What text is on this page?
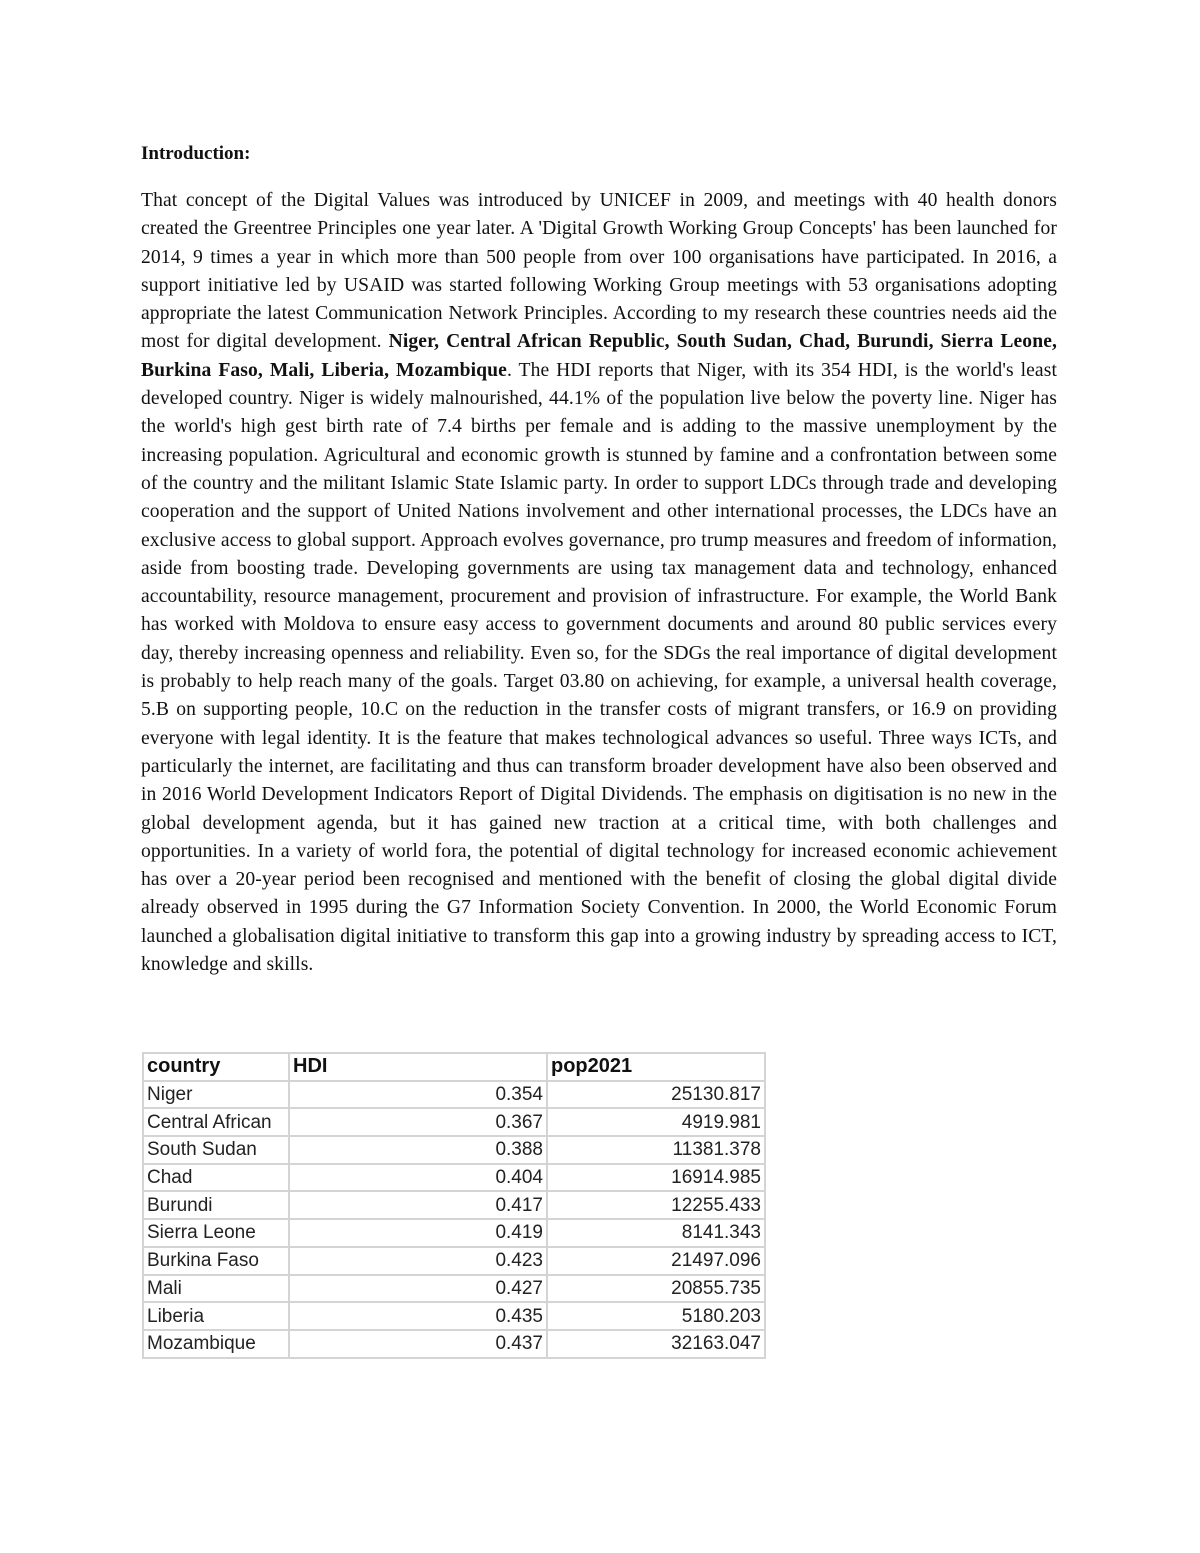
Introduction:

That concept of the Digital Values was introduced by UNICEF in 2009, and meetings with 40 health donors created the Greentree Principles one year later. A 'Digital Growth Working Group Concepts' has been launched for 2014, 9 times a year in which more than 500 people from over 100 organisations have participated. In 2016, a support initiative led by USAID was started following Working Group meetings with 53 organisations adopting appropriate the latest Communication Network Principles. According to my research these countries needs aid the most for digital development. Niger, Central African Republic, South Sudan, Chad, Burundi, Sierra Leone, Burkina Faso, Mali, Liberia, Mozambique. The HDI reports that Niger, with its 354 HDI, is the world's least developed country. Niger is widely malnourished, 44.1% of the population live below the poverty line. Niger has the world's high gest birth rate of 7.4 births per female and is adding to the massive unemployment by the increasing population. Agricultural and economic growth is stunned by famine and a confrontation between some of the country and the militant Islamic State Islamic party. In order to support LDCs through trade and developing cooperation and the support of United Nations involvement and other international processes, the LDCs have an exclusive access to global support. Approach evolves governance, pro trump measures and freedom of information, aside from boosting trade. Developing governments are using tax management data and technology, enhanced accountability, resource management, procurement and provision of infrastructure. For example, the World Bank has worked with Moldova to ensure easy access to government documents and around 80 public services every day, thereby increasing openness and reliability. Even so, for the SDGs the real importance of digital development is probably to help reach many of the goals. Target 03.80 on achieving, for example, a universal health coverage, 5.B on supporting people, 10.C on the reduction in the transfer costs of migrant transfers, or 16.9 on providing everyone with legal identity. It is the feature that makes technological advances so useful. Three ways ICTs, and particularly the internet, are facilitating and thus can transform broader development have also been observed and in 2016 World Development Indicators Report of Digital Dividends. The emphasis on digitisation is no new in the global development agenda, but it has gained new traction at a critical time, with both challenges and opportunities. In a variety of world fora, the potential of digital technology for increased economic achievement has over a 20-year period been recognised and mentioned with the benefit of closing the global digital divide already observed in 1995 during the G7 Information Society Convention. In 2000, the World Economic Forum launched a globalisation digital initiative to transform this gap into a growing industry by spreading access to ICT, knowledge and skills.

country	HDI	pop2021
Niger	0.354	25130.817
Central African	0.367	4919.981
South Sudan	0.388	11381.378
Chad	0.404	16914.985
Burundi	0.417	12255.433
Sierra Leone	0.419	8141.343
Burkina Faso	0.423	21497.096
Mali	0.427	20855.735
Liberia	0.435	5180.203
Mozambique	0.437	32163.047
